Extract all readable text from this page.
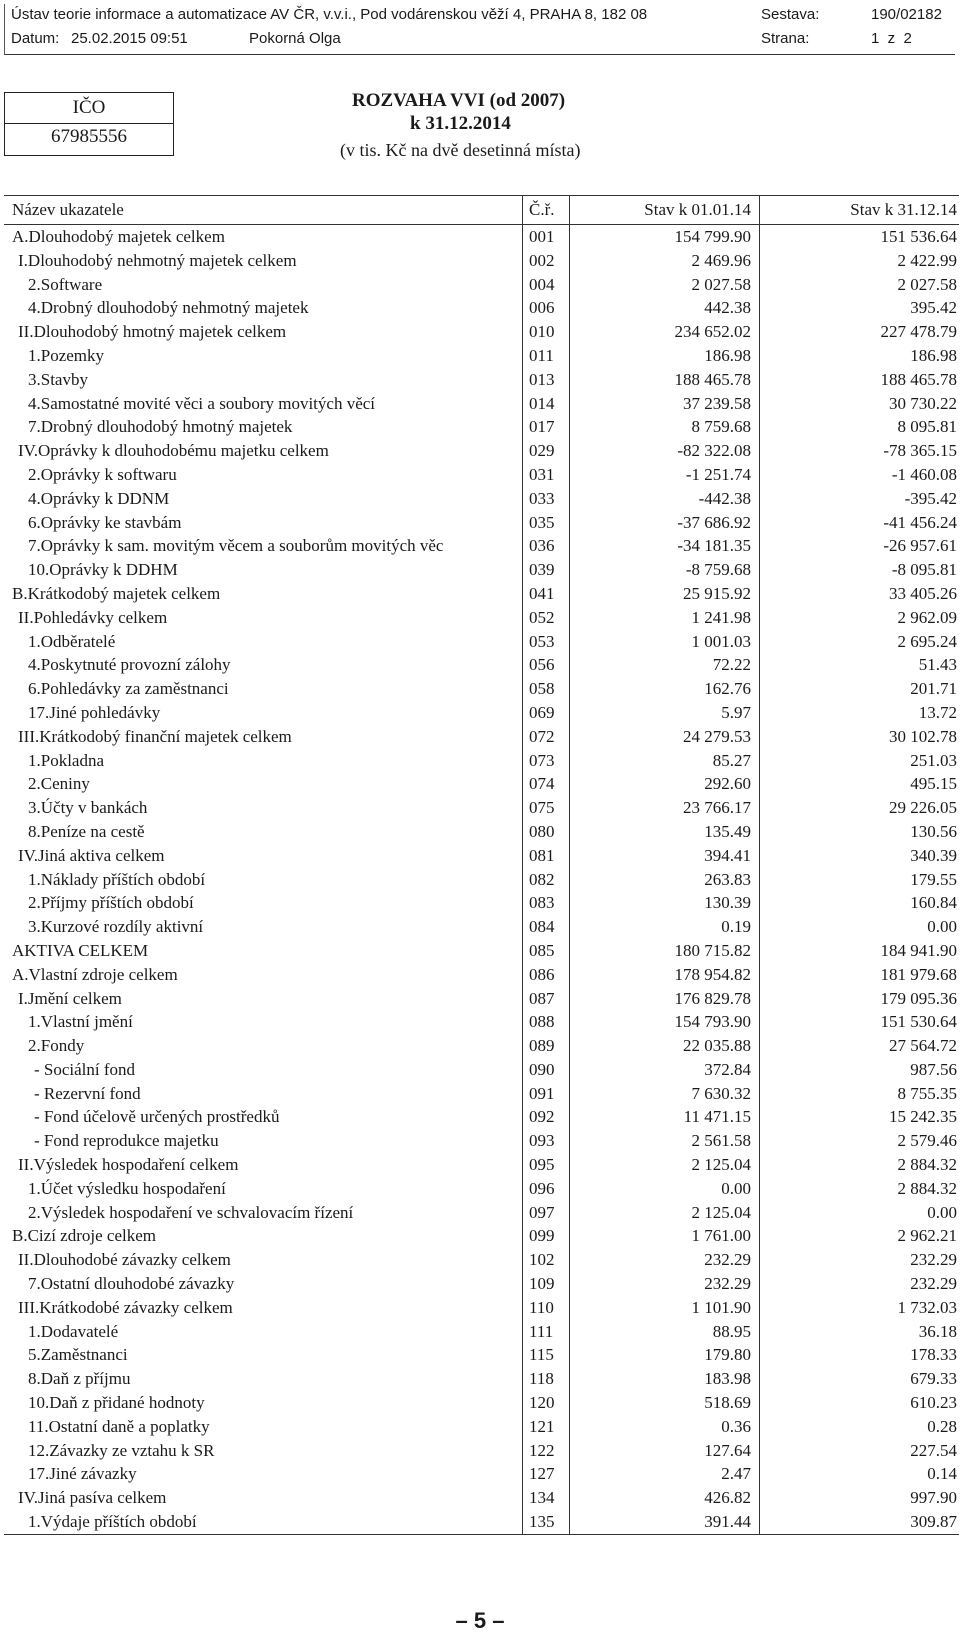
Ústav teorie informace a automatizace AV ČR, v.v.i., Pod vodárenskou věží 4, PRAHA 8, 182 08	Sestava:	190/02182
Datum: 25.02.2015 09:51	Pokorná Olga	Strana:	1  z  2
IČO
67985556
ROZVAHA VVI (od 2007)
k 31.12.2014
(v tis. Kč na dvě desetinná místa)
Název ukazatele	Č.ř.	Stav k 01.01.14	Stav k 31.12.14
A.Dlouhodobý majetek celkem	001	154 799.90	151 536.64
I.Dlouhodobý nehmotný majetek celkem	002	2 469.96	2 422.99
2.Software	004	2 027.58	2 027.58
4.Drobný dlouhodobý nehmotný majetek	006	442.38	395.42
II.Dlouhodobý hmotný majetek celkem	010	234 652.02	227 478.79
1.Pozemky	011	186.98	186.98
3.Stavby	013	188 465.78	188 465.78
4.Samostatné movité věci a soubory movitých věcí	014	37 239.58	30 730.22
7.Drobný dlouhodobý hmotný majetek	017	8 759.68	8 095.81
IV.Oprávky k dlouhodobému majetku celkem	029	-82 322.08	-78 365.15
2.Oprávky k softwaru	031	-1 251.74	-1 460.08
4.Oprávky k DDNM	033	-442.38	-395.42
6.Oprávky ke stavbám	035	-37 686.92	-41 456.24
7.Oprávky k sam. movitým věcem a souborům movitých věc	036	-34 181.35	-26 957.61
10.Oprávky k DDHM	039	-8 759.68	-8 095.81
B.Krátkodobý majetek celkem	041	25 915.92	33 405.26
II.Pohledávky celkem	052	1 241.98	2 962.09
1.Odběratelé	053	1 001.03	2 695.24
4.Poskytnuté provozní zálohy	056	72.22	51.43
6.Pohledávky za zaměstnanci	058	162.76	201.71
17.Jiné pohledávky	069	5.97	13.72
III.Krátkodobý finanční majetek celkem	072	24 279.53	30 102.78
1.Pokladna	073	85.27	251.03
2.Ceniny	074	292.60	495.15
3.Účty v bankách	075	23 766.17	29 226.05
8.Peníze na cestě	080	135.49	130.56
IV.Jiná aktiva celkem	081	394.41	340.39
1.Náklady příštích období	082	263.83	179.55
2.Příjmy příštích období	083	130.39	160.84
3.Kurzové rozdíly aktivní	084	0.19	0.00
AKTIVA CELKEM	085	180 715.82	184 941.90
A.Vlastní zdroje celkem	086	178 954.82	181 979.68
I.Jmění celkem	087	176 829.78	179 095.36
1.Vlastní jmění	088	154 793.90	151 530.64
2.Fondy	089	22 035.88	27 564.72
- Sociální fond	090	372.84	987.56
- Rezervní fond	091	7 630.32	8 755.35
- Fond účelově určených prostředků	092	11 471.15	15 242.35
- Fond reprodukce majetku	093	2 561.58	2 579.46
II.Výsledek hospodaření celkem	095	2 125.04	2 884.32
1.Účet výsledku hospodaření	096	0.00	2 884.32
2.Výsledek hospodaření ve schvalovacím řízení	097	2 125.04	0.00
B.Cizí zdroje celkem	099	1 761.00	2 962.21
II.Dlouhodobé závazky celkem	102	232.29	232.29
7.Ostatní dlouhodobé závazky	109	232.29	232.29
III.Krátkodobé závazky celkem	110	1 101.90	1 732.03
1.Dodavatelé	111	88.95	36.18
5.Zaměstnanci	115	179.80	178.33
8.Daň z příjmu	118	183.98	679.33
10.Daň z přidané hodnoty	120	518.69	610.23
11.Ostatní daně a poplatky	121	0.36	0.28
12.Závazky ze vztahu k SR	122	127.64	227.54
17.Jiné závazky	127	2.47	0.14
IV.Jiná pasíva celkem	134	426.82	997.90
1.Výdaje příštích období	135	391.44	309.87
– 5 –
